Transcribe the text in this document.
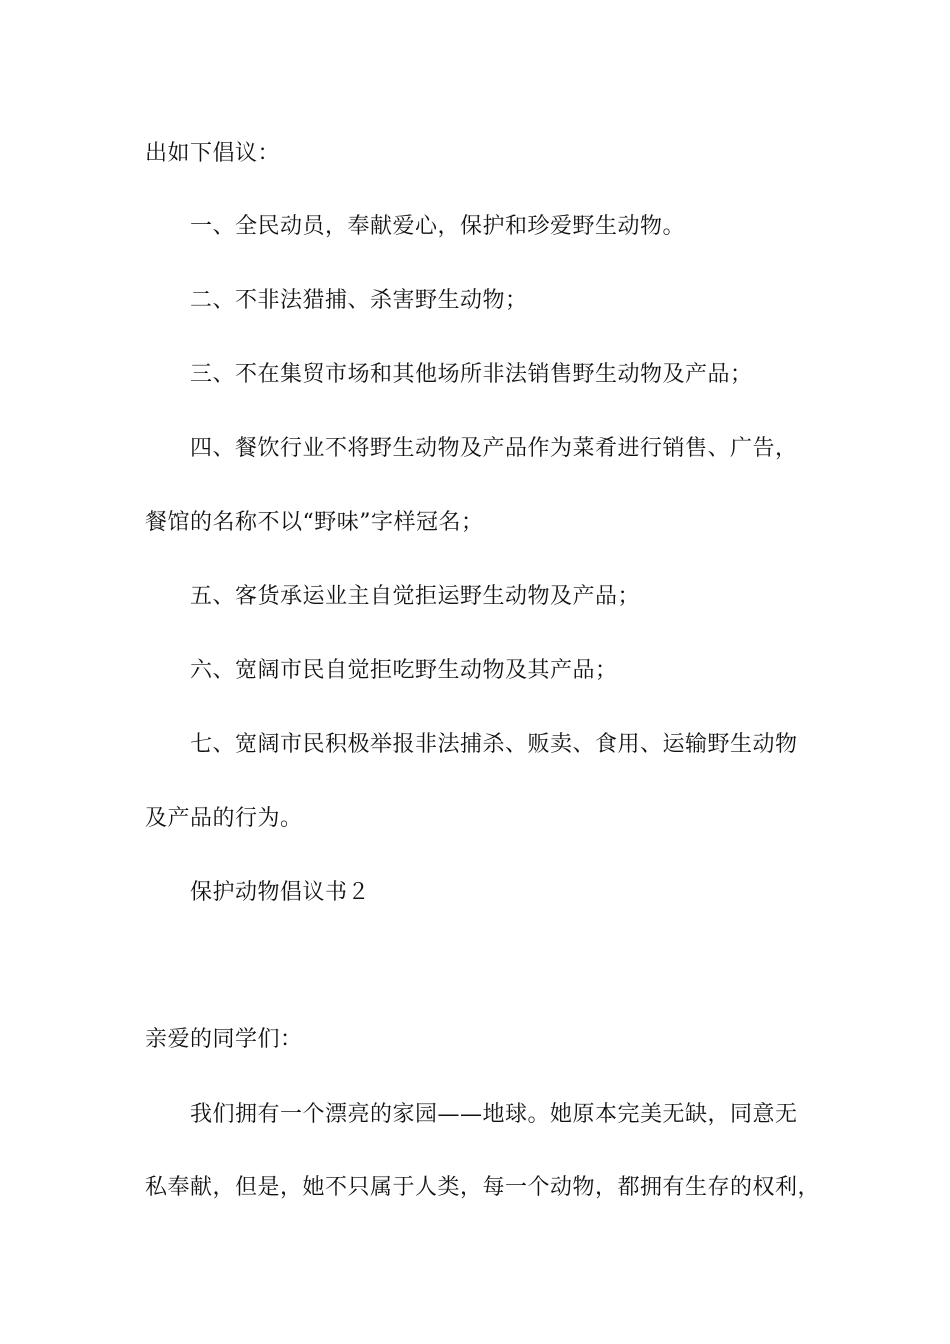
出如下倡议：
一、全民动员，奉献爱心，保护和珍爱野生动物。
二、不非法猎捕、杀害野生动物；
三、不在集贸市场和其他场所非法销售野生动物及产品；
四、餐饮行业不将野生动物及产品作为菜肴进行销售、广告，
餐馆的名称不以“野味”字样冠名；
五、客货承运业主自觉拒运野生动物及产品；
六、宽阔市民自觉拒吃野生动物及其产品；
七、宽阔市民积极举报非法捕杀、贩卖、食用、运输野生动物
及产品的行为。
保护动物倡议书２
亲爱的同学们：
我们拥有一个漂亮的家园——地球。她原本完美无缺，同意无
私奉献，但是，她不只属于人类，每一个动物，都拥有生存的权利，
